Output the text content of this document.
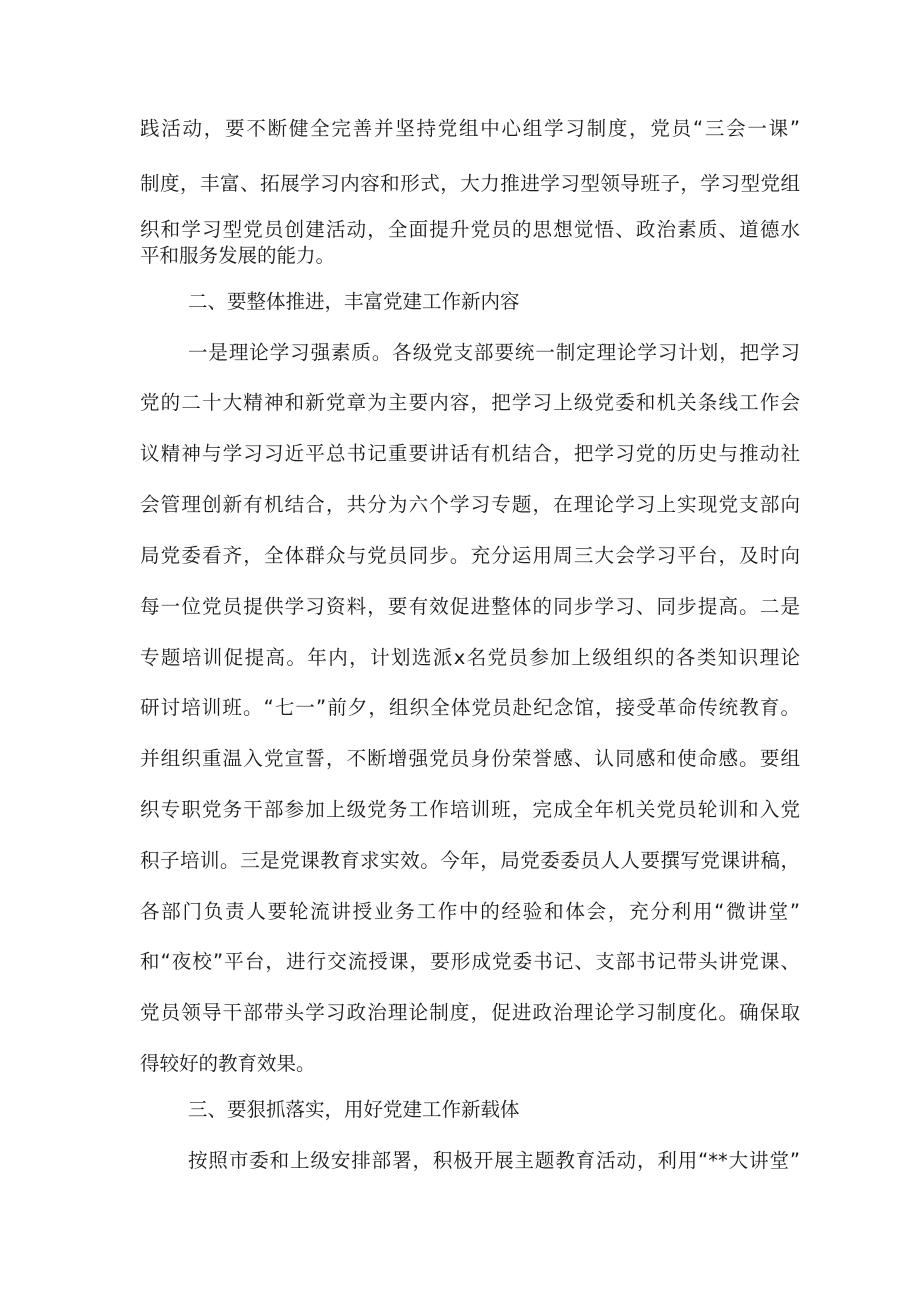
践活动，要不断健全完善并坚持党组中心组学习制度，党员“三会一课”
制度，丰富、拓展学习内容和形式，大力推进学习型领导班子，学习型党组
织和学习型党员创建活动，全面提升党员的思想觉悟、政治素质、道德水
平和服务发展的能力。
二、要整体推进，丰富党建工作新内容
一是理论学习强素质。各级党支部要统一制定理论学习计划，把学习
党的二十大精神和新党章为主要内容，把学习上级党委和机关条线工作会
议精神与学习习近平总书记重要讲话有机结合，把学习党的历史与推动社
会管理创新有机结合，共分为六个学习专题，在理论学习上实现党支部向
局党委看齐，全体群众与党员同步。充分运用周三大会学习平台，及时向
每一位党员提供学习资料，要有效促进整体的同步学习、同步提高。二是
专题培训促提高。年内，计划选派x名党员参加上级组织的各类知识理论
研讨培训班。“七一”前夕，组织全体党员赴纪念馆，接受革命传统教育。
并组织重温入党宣誓，不断增强党员身份荣誉感、认同感和使命感。要组
织专职党务干部参加上级党务工作培训班，完成全年机关党员轮训和入党
积子培训。三是党课教育求实效。今年，局党委委员人人要撰写党课讲稿，
各部门负责人要轮流讲授业务工作中的经验和体会，充分利用“微讲堂”
和“夜校”平台，进行交流授课，要形成党委书记、支部书记带头讲党课、
党员领导干部带头学习政治理论制度，促进政治理论学习制度化。确保取
得较好的教育效果。
三、要狠抓落实，用好党建工作新载体
按照市委和上级安排部署，积极开展主题教育活动，利用“**大讲堂”
